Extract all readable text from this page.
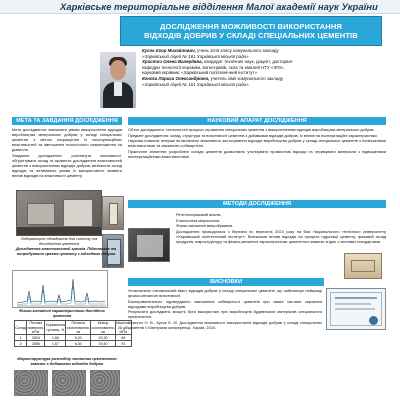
Харківське територіальне відділення Малої академії наук України
ДОСЛІДЖЕННЯ МОЖЛИВОСТІ ВИКОРИСТАННЯ
ВІДХОДІВ ДОБРИВ У СКЛАДІ СПЕЦІАЛЬНИХ ЦЕМЕНТІВ
Кусок Єгор Михайлович, учень 10-Б класу комунального закладу
«Харківський ліцей № 161 Харківської міської ради».
Христич Олена Валеріївна, кандидат технічних наук, доцент, докторант
кафедри технології кераміки, вогнетривів, скла та емалей НТУ «ХПІ»,
науковий керівник: «Харківський політехнічний інститут»
Конога Лариса Олександрівна, учитель хімії комунального закладу
«Харківський ліцей № 161 Харківської міської ради».
МЕТА ТА ЗАВДАННЯ ДОСЛІДЖЕННЯ

Мета дослідження: визначити умови використання відходів виробництва мінеральних добрив у складі спеціальних цементів з метою покращення їх експлуатаційних властивостей та зменшення екологічного навантаження на довкілля.

Завдання дослідження: розглянути можливості, обґрунтувати склад та провести дослідження властивостей цементів з використанням відходів добрив; визначити склад відходів та оптимальні умови їх використання; виявити вплив відходів на властивості цементу.

Лабораторне обладнання для синтезу та дослідження цементів
Дослідження властивостей зразків. Підготовка та випробування зразків цементу з відходами добрив
Фізико-механічні характеристики дослідних цементів
Склад	Питома поверхня, м²/кг	Нормальна густина, %	Початок схоплювання, хв	Кінець схоплювання, хв	Міцність 28 діб, МПа
1	2824	1,66	6,20	29,30	89
2	2856	1,67	6,30	29,40	91
Мікроструктура розподілу частинок цементного каменю з добавками відходів добрив
НАУКОВИЙ АПАРАТ ДОСЛІДЖЕННЯ

Об'єкт дослідження: технологічні процеси отримання спеціальних цементів з використанням відходів виробництва мінеральних добрив.

Предмет дослідження: склад, структура та властивості цементів з добавками відходів добрив, їх вплив на експлуатаційні характеристики.

Наукова новизна: вперше встановлено можливість застосування відходів виробництва добрив у складі спеціальних цементів з поліпшеними властивостями та зниженою собівартістю.

Практичне значення: розроблені склади цементів дозволяють утилізувати промислові відходи та отримувати матеріали з підвищеними експлуатаційними властивостями.

МЕТОДИ ДОСЛІДЖЕННЯ

Рентгенофазовий аналіз.

Електронна мікроскопія.

Фізико-механічні випробування.

Дослідження проводилися з березня по вересень 2024 року на базі Національного технічного університету «Харківський політехнічний інститут». Визначали вплив відходів на процеси гідратації цементу, фазовий склад продуктів, мікроструктуру та фізико-механічні характеристики цементного каменю згідно з чинними стандартами.

ВИСНОВКИ

Установлено оптимальний вміст відходів добрив у складі спеціальних цементів, що забезпечує найкращі фізико-механічні властивості.

Експериментально підтверджено зменшення собівартості цементів при заміні частини сировини відходами виробництва добрив.

Результати досліджень можуть бути використані при виробництві будівельних матеріалів спеціального призначення.

Христич О. В., Кусок Є. М. Дослідження можливості використання відходів добрив у складі спеціальних цементів // Матеріали конференції. Харків, 2024.
